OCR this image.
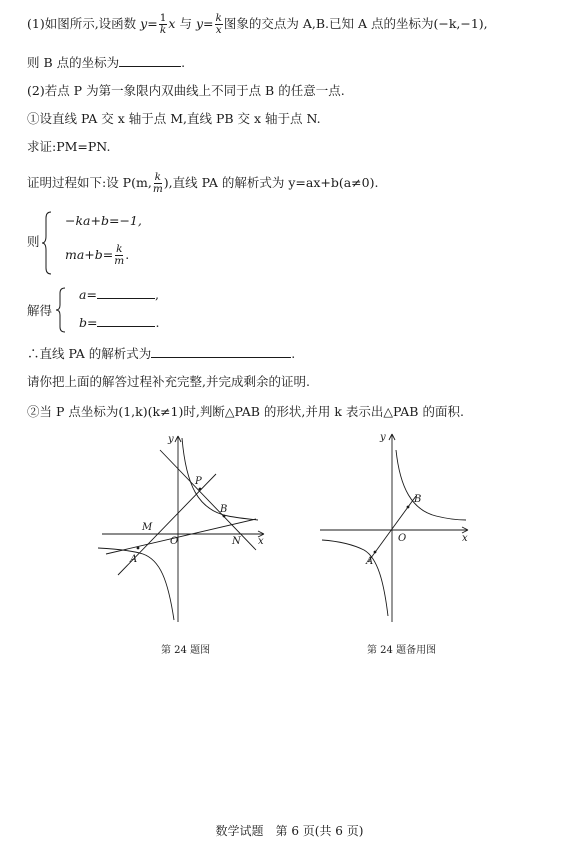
(1)如图所示,设函数 $y= \frac{1}{k}$ x 与 $y= \frac{k}{x}$ 图象的交点为 A,B.已知 A 点的坐标为(−k,−1),
则 B 点的坐标为	.
(2)若点 P 为第一象限内双曲线上不同于点 B 的任意一点.
①设直线 PA 交 x 轴于点 M,直线 PB 交 x 轴于点 N.
求证:PM=PN.
证明过程如下:设 P(m, $\frac{k}{m}$ ),直线 PA 的解析式为 y=ax+b(a≠0).
则
−ka+b=−1,
$ma+b= \frac{k}{m}$ .
解得
a=	,
b=	.
∴直线 PA 的解析式为	.
请你把上面的解答过程补充完整,并完成剩余的证明.
②当 P 点坐标为(1,k)(k≠1)时,判断△PAB 的形状,并用 k 表示出△PAB 的面积.
y
x
O
P
B
M
N
A
第 24 题图
y
x
O
B
A
第 24 题备用图
数学试题　第 6 页(共 6 页)
